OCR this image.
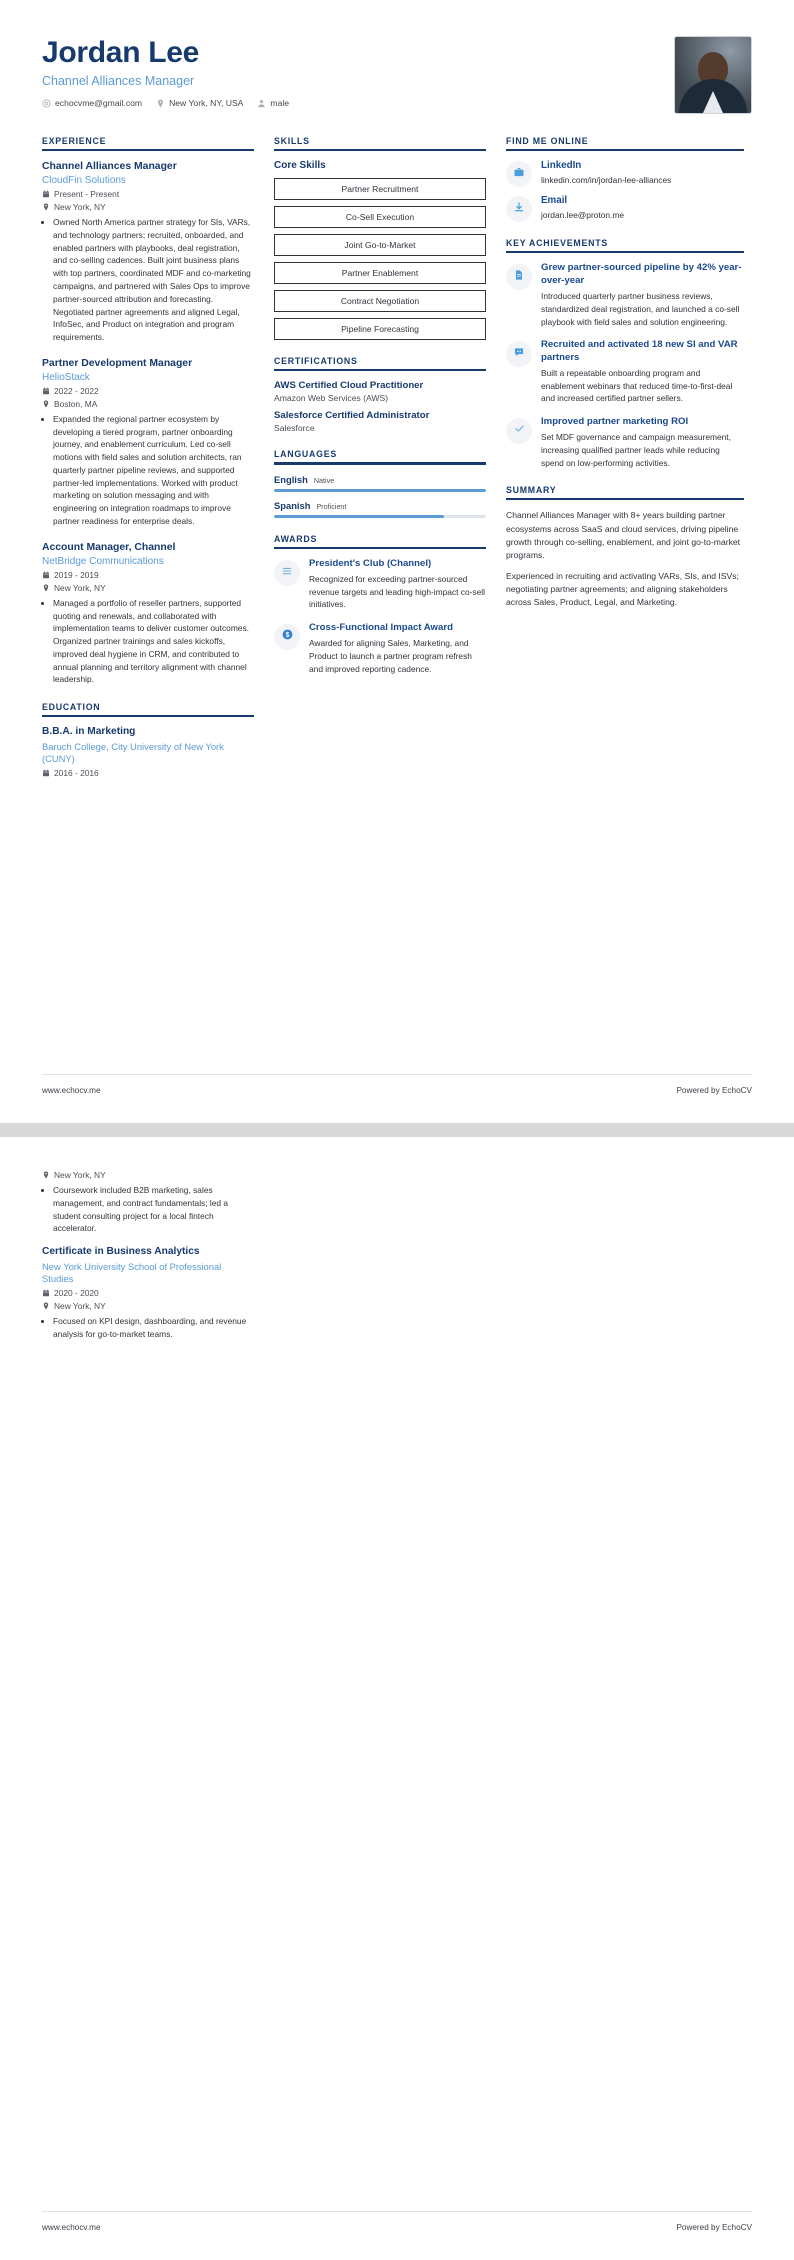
Jordan Lee
Channel Alliances Manager
echocvme@gmail.com	New York, NY, USA	male
EXPERIENCE
Channel Alliances Manager
CloudFin Solutions
Present - Present
New York, NY
• Owned North America partner strategy for SIs, VARs, and technology partners; recruited, onboarded, and enabled partners with playbooks, deal registration, and co-selling cadences. Built joint business plans with top partners, coordinated MDF and co-marketing campaigns, and partnered with Sales Ops to improve partner-sourced attribution and forecasting. Negotiated partner agreements and aligned Legal, InfoSec, and Product on integration and program requirements.
Partner Development Manager
HelioStack
2022 - 2022
Boston, MA
• Expanded the regional partner ecosystem by developing a tiered program, partner onboarding journey, and enablement curriculum. Led co-sell motions with field sales and solution architects, ran quarterly partner pipeline reviews, and supported partner-led implementations. Worked with product marketing on solution messaging and with engineering on integration roadmaps to improve partner readiness for enterprise deals.
Account Manager, Channel
NetBridge Communications
2019 - 2019
New York, NY
• Managed a portfolio of reseller partners, supported quoting and renewals, and collaborated with implementation teams to deliver customer outcomes. Organized partner trainings and sales kickoffs, improved deal hygiene in CRM, and contributed to annual planning and territory alignment with channel leadership.
EDUCATION
B.B.A. in Marketing
Baruch College, City University of New York (CUNY)
2016 - 2016
SKILLS
Core Skills
Partner Recruitment
Co-Sell Execution
Joint Go-to-Market
Partner Enablement
Contract Negotiation
Pipeline Forecasting
CERTIFICATIONS
AWS Certified Cloud Practitioner
Amazon Web Services (AWS)
Salesforce Certified Administrator
Salesforce
LANGUAGES
English Native
Spanish Proficient
AWARDS
President's Club (Channel)
Recognized for exceeding partner-sourced revenue targets and leading high-impact co-sell initiatives.
$
Cross-Functional Impact Award
Awarded for aligning Sales, Marketing, and Product to launch a partner program refresh and improved reporting cadence.
FIND ME ONLINE
LinkedIn
linkedin.com/in/jordan-lee-alliances
Email
jordan.lee@proton.me
KEY ACHIEVEMENTS
Grew partner-sourced pipeline by 42% year-over-year
Introduced quarterly partner business reviews, standardized deal registration, and launched a co-sell playbook with field sales and solution engineering.
Recruited and activated 18 new SI and VAR partners
Built a repeatable onboarding program and enablement webinars that reduced time-to-first-deal and increased certified partner sellers.
Improved partner marketing ROI
Set MDF governance and campaign measurement, increasing qualified partner leads while reducing spend on low-performing activities.
SUMMARY
Channel Alliances Manager with 8+ years building partner ecosystems across SaaS and cloud services, driving pipeline growth through co-selling, enablement, and joint go-to-market programs.
Experienced in recruiting and activating VARs, SIs, and ISVs; negotiating partner agreements; and aligning stakeholders across Sales, Product, Legal, and Marketing.
www.echocv.me	Powered by EchoCV
New York, NY
• Coursework included B2B marketing, sales management, and contract fundamentals; led a student consulting project for a local fintech accelerator.
Certificate in Business Analytics
New York University School of Professional Studies
2020 - 2020
New York, NY
• Focused on KPI design, dashboarding, and revenue analysis for go-to-market teams.
www.echocv.me	Powered by EchoCV
